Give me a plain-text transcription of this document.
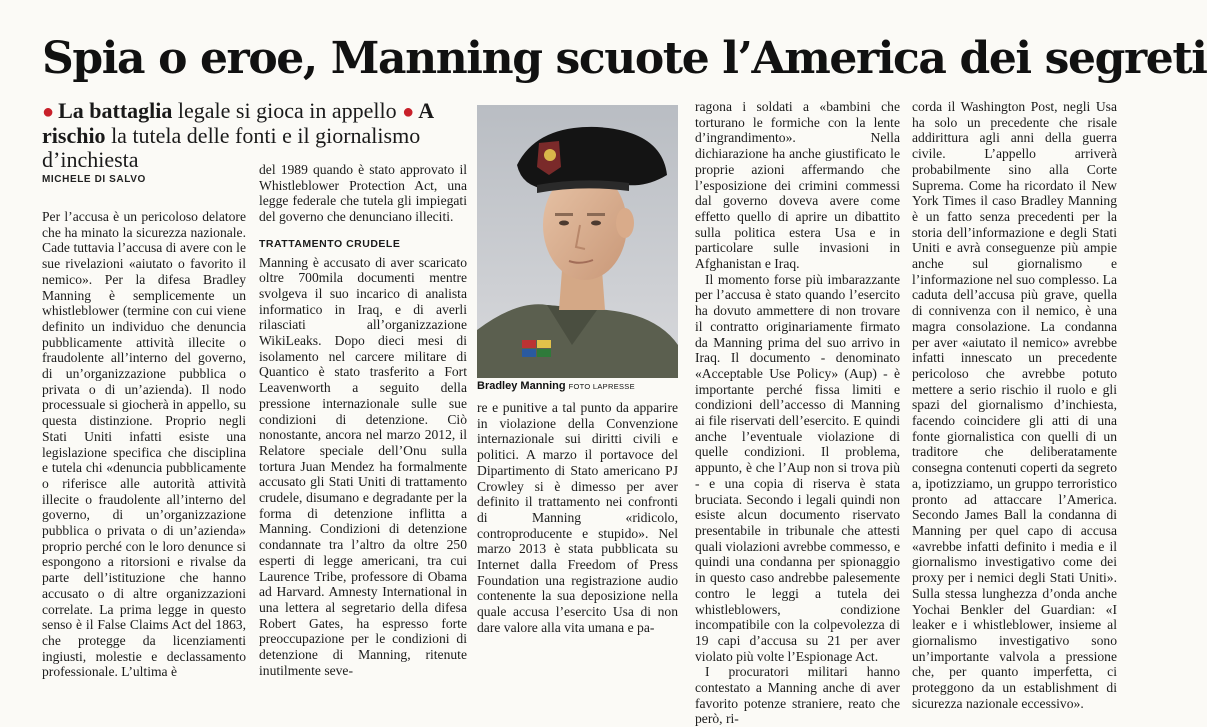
Spia o eroe, Manning scuote l’America dei segreti
● La battaglia legale si gioca in appello ● A rischio la tutela delle fonti e il giornalismo d’inchiesta
MICHELE DI SALVO

Per l’accusa è un pericoloso delatore che ha minato la sicurezza nazionale. Cade tuttavia l’accusa di avere con le sue rivelazioni «aiutato o favorito il nemico». Per la difesa Bradley Manning è semplicemente un whistleblower (termine con cui viene definito un individuo che denuncia pubblicamente attività illecite o fraudolente all’interno del governo, di un’organizzazione pubblica o privata o di un’azienda). Il nodo processuale si giocherà in appello, su questa distinzione. Proprio negli Stati Uniti infatti esiste una legislazione specifica che disciplina e tutela chi «denuncia pubblicamente o riferisce alle autorità attività illecite o fraudolente all’interno del governo, di un’organizzazione pubblica o privata o di un’azienda» proprio perché con le loro denunce si espongono a ritorsioni e rivalse da parte dell’istituzione che hanno accusato o di altre organizzazioni correlate. La prima legge in questo senso è il False Claims Act del 1863, che protegge da licenziamenti ingiusti, molestie e declassamento professionale. L’ultima è

del 1989 quando è stato approvato il Whistleblower Protection Act, una legge federale che tutela gli impiegati del governo che denunciano illeciti.

TRATTAMENTO CRUDELE

Manning è accusato di aver scaricato oltre 700mila documenti mentre svolgeva il suo incarico di analista informatico in Iraq, e di averli rilasciati all’organizzazione WikiLeaks. Dopo dieci mesi di isolamento nel carcere militare di Quantico è stato trasferito a Fort Leavenworth a seguito della pressione internazionale sulle sue condizioni di detenzione. Ciò nonostante, ancora nel marzo 2012, il Relatore speciale dell’Onu sulla tortura Juan Mendez ha formalmente accusato gli Stati Uniti di trattamento crudele, disumano e degradante per la forma di detenzione inflitta a Manning. Condizioni di detenzione condannate tra l’altro da oltre 250 esperti di legge americani, tra cui Laurence Tribe, professore di Obama ad Harvard. Amnesty International in una lettera al segretario della difesa Robert Gates, ha espresso forte preoccupazione per le condizioni di detenzione di Manning, ritenute inutilmente seve-

Bradley Manning FOTO LAPRESSE

re e punitive a tal punto da apparire in violazione della Convenzione internazionale sui diritti civili e politici. A marzo il portavoce del Dipartimento di Stato americano PJ Crowley si è dimesso per aver definito il trattamento nei confronti di Manning «ridicolo, controproducente e stupido». Nel marzo 2013 è stata pubblicata su Internet dalla Freedom of Press Foundation una registrazione audio contenente la sua deposizione nella quale accusa l’esercito Usa di non dare valore alla vita umana e pa-

ragona i soldati a «bambini che torturano le formiche con la lente d’ingrandimento». Nella dichiarazione ha anche giustificato le proprie azioni affermando che l’esposizione dei crimini commessi dal governo doveva avere come effetto quello di aprire un dibattito sulla politica estera Usa e in particolare sulle invasioni in Afghanistan e Iraq.

Il momento forse più imbarazzante per l’accusa è stato quando l’esercito ha dovuto ammettere di non trovare il contratto originariamente firmato da Manning prima del suo arrivo in Iraq. Il documento - denominato «Acceptable Use Policy» (Aup) - è importante perché fissa limiti e condizioni dell’accesso di Manning ai file riservati dell’esercito. E quindi anche l’eventuale violazione di quelle condizioni. Il problema, appunto, è che l’Aup non si trova più - e una copia di riserva è stata bruciata. Secondo i legali quindi non esiste alcun documento riservato presentabile in tribunale che attesti quali violazioni avrebbe commesso, e quindi una condanna per spionaggio in questo caso andrebbe palesemente contro le leggi a tutela dei whistleblowers, condizione incompatibile con la colpevolezza di 19 capi d’accusa su 21 per aver violato più volte l’Espionage Act.

I procuratori militari hanno contestato a Manning anche di aver favorito potenze straniere, reato che però, ri-

corda il Washington Post, negli Usa ha solo un precedente che risale addirittura agli anni della guerra civile. L’appello arriverà probabilmente sino alla Corte Suprema. Come ha ricordato il New York Times il caso Bradley Manning è un fatto senza precedenti per la storia dell’informazione e degli Stati Uniti e avrà conseguenze più ampie anche sul giornalismo e l’informazione nel suo complesso. La caduta dell’accusa più grave, quella di connivenza con il nemico, è una magra consolazione. La condanna per aver «aiutato il nemico» avrebbe infatti innescato un precedente pericoloso che avrebbe potuto mettere a serio rischio il ruolo e gli spazi del giornalismo d’inchiesta, facendo coincidere gli atti di una fonte giornalistica con quelli di un traditore che deliberatamente consegna contenuti coperti da segreto a, ipotizziamo, un gruppo terroristico pronto ad attaccare l’America. Secondo James Ball la condanna di Manning per quel capo di accusa «avrebbe infatti definito i media e il giornalismo investigativo come dei proxy per i nemici degli Stati Uniti». Sulla stessa lunghezza d’onda anche Yochai Benkler del Guardian: «I leaker e i whistleblower, insieme al giornalismo investigativo sono un’importante valvola a pressione che, per quanto imperfetta, ci proteggono da un establishment di sicurezza nazionale eccessivo».
